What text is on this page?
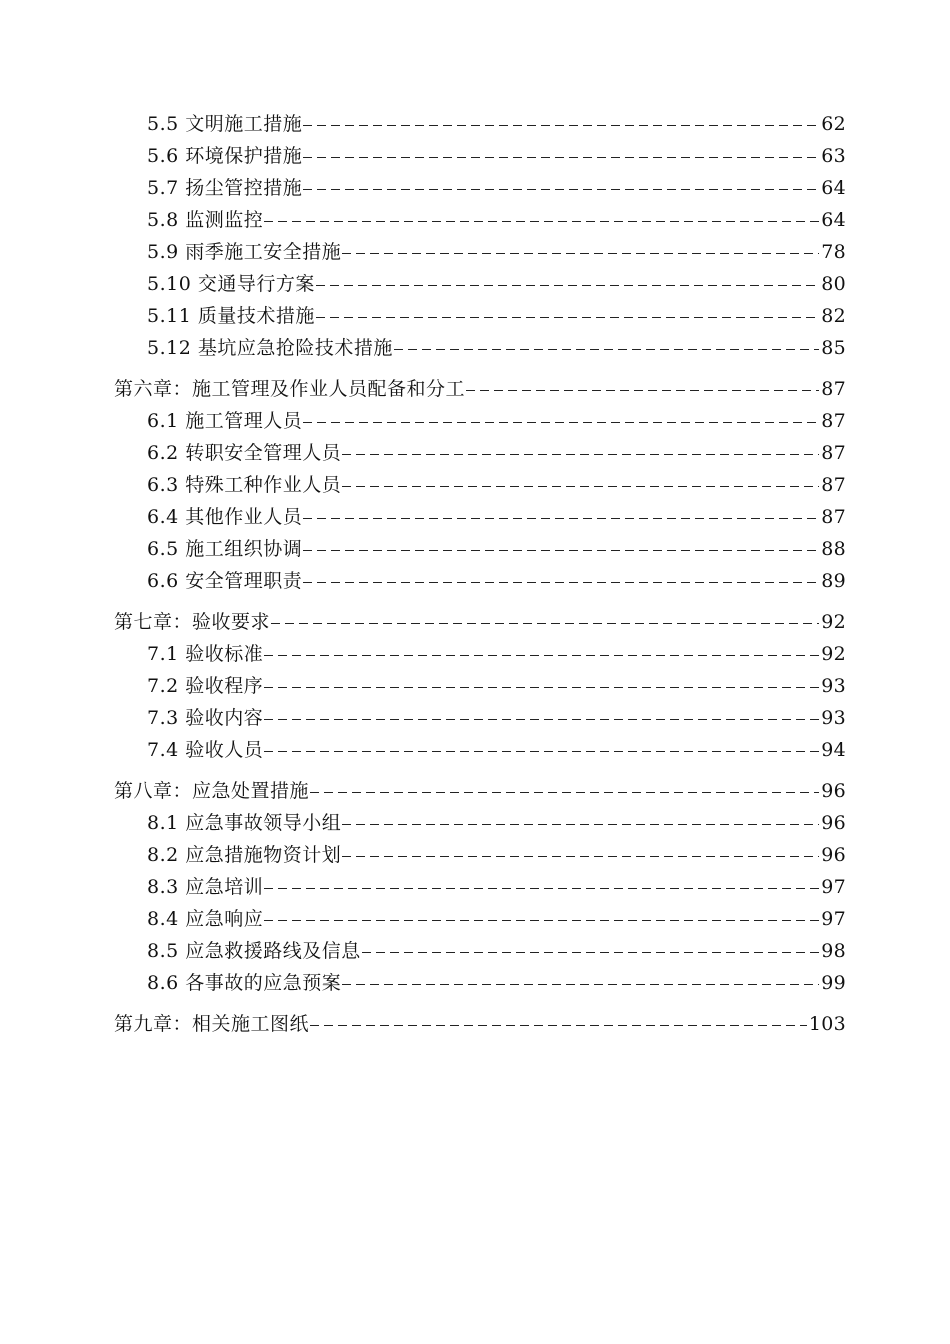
5.5 文明施工措施	62
5.6 环境保护措施	63
5.7 扬尘管控措施	64
5.8 监测监控	64
5.9 雨季施工安全措施	78
5.10 交通导行方案	80
5.11 质量技术措施	82
5.12 基坑应急抢险技术措施	85
第六章：施工管理及作业人员配备和分工	87
6.1 施工管理人员	87
6.2 转职安全管理人员	87
6.3 特殊工种作业人员	87
6.4 其他作业人员	87
6.5 施工组织协调	88
6.6 安全管理职责	89
第七章：验收要求	92
7.1 验收标准	92
7.2 验收程序	93
7.3 验收内容	93
7.4 验收人员	94
第八章：应急处置措施	96
8.1 应急事故领导小组	96
8.2 应急措施物资计划	96
8.3 应急培训	97
8.4 应急响应	97
8.5 应急救援路线及信息	98
8.6 各事故的应急预案	99
第九章：相关施工图纸	103
